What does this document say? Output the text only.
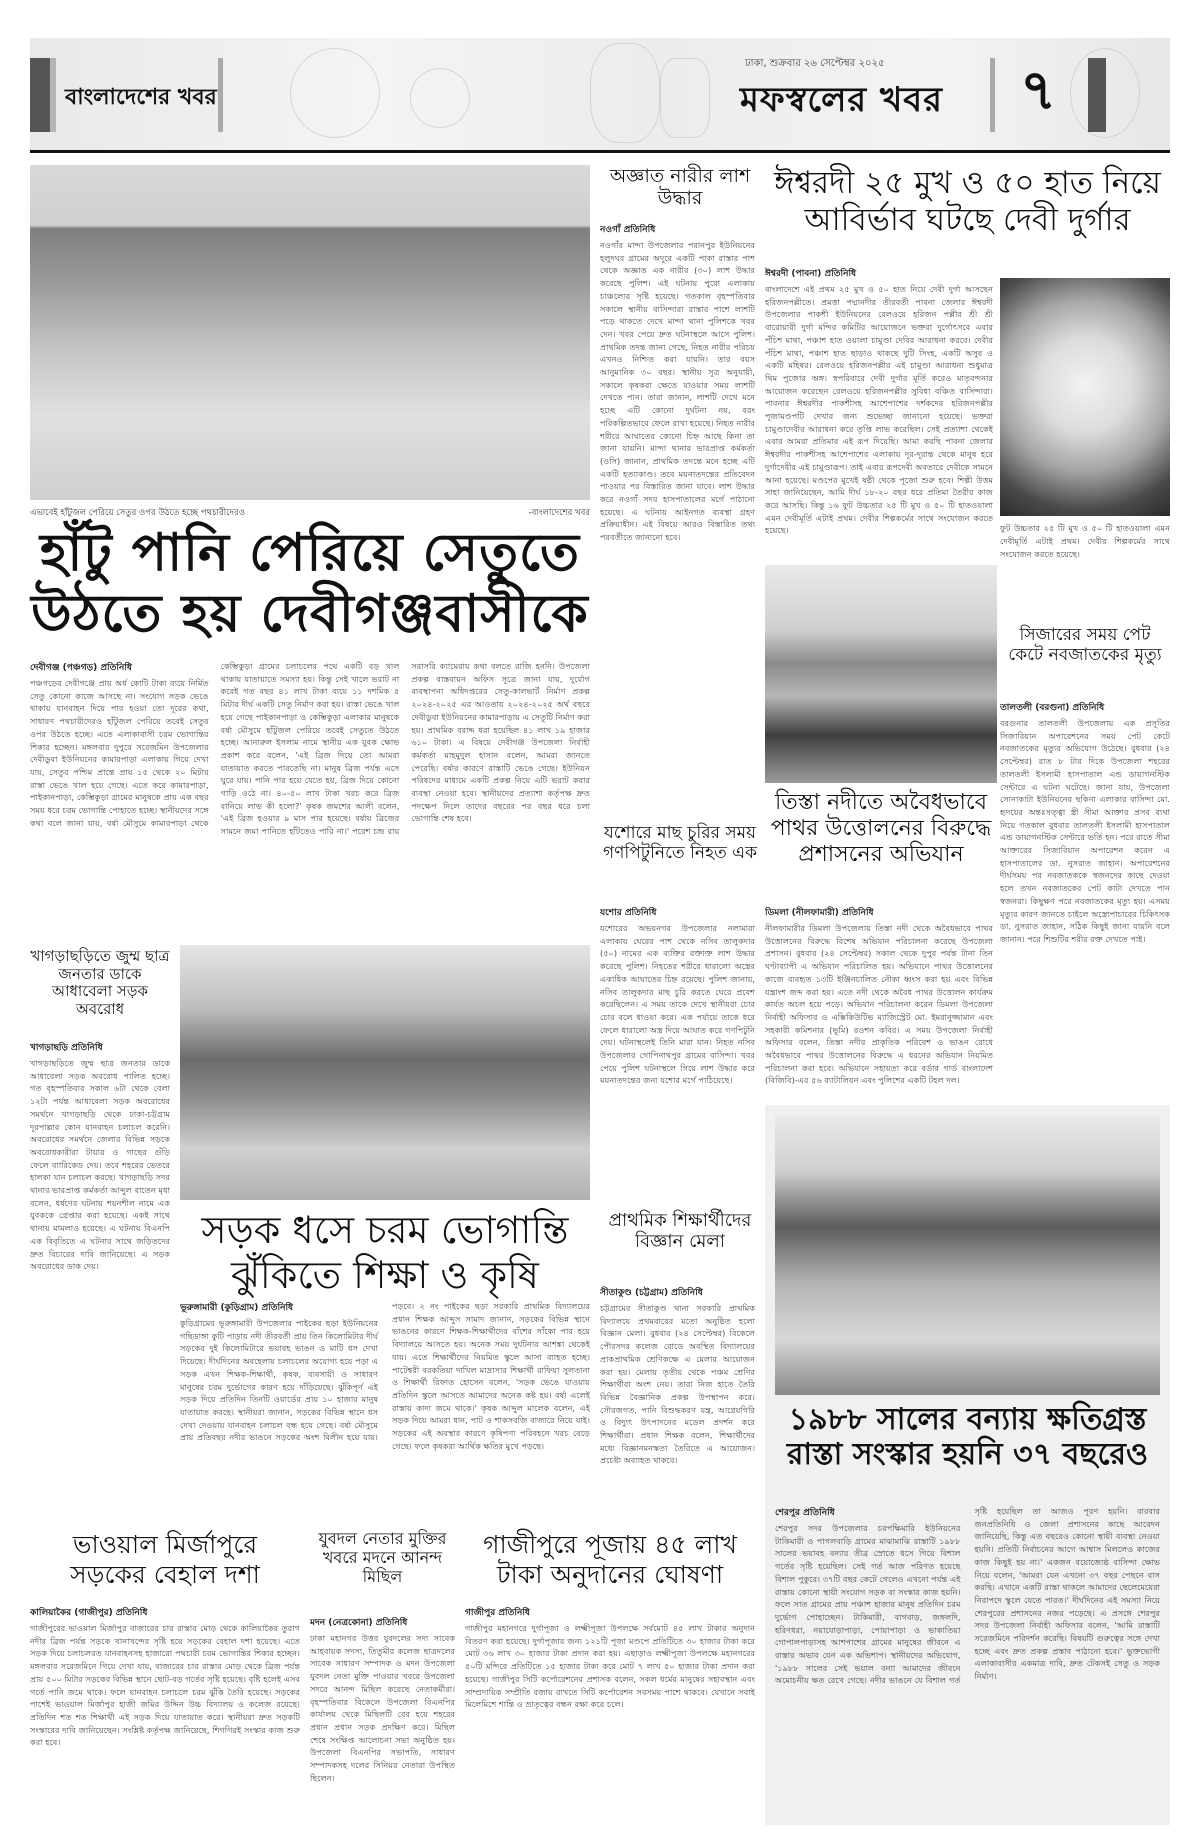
বাংলাদেশের খবর
ঢাকা, শুক্রবার ২৬ সেপ্টেম্বর ২০২৫
মফস্বলের খবর ৭
এভাবেই হাঁটুজল পেরিয়ে সেতুর ওপর উঠতে হচ্ছে পথচারীদেরও	-বাংলাদেশের খবর
হাঁটু পানি পেরিয়ে সেতুতে
উঠতে হয় দেবীগঞ্জবাসীকে
দেবীগঞ্জ (পঞ্চগড়) প্রতিনিধি

পঞ্চগড়ের দেবীগঞ্জে প্রায় অর্ধ কোটি টাকা ব্যয়ে নির্মিত সেতু কোনো কাজে আসছে না। সংযোগ সড়ক ভেঙে থাকায় যানবাহন দিয়ে পার হওয়া তো দূরের কথা, সাধারণ পথচারীদেরও হাঁটুজল পেরিয়ে তবেই সেতুর ওপর উঠতে হচ্ছে। এতে এলাকাবাসী চরম ভোগান্তির শিকার হচ্ছেন। মঙ্গলবার দুপুরে সরেজমিন উপজেলার দেবীডুবা ইউনিয়নের কামারপাড়া এলাকায় গিয়ে দেখা যায়, সেতুর পশ্চিম প্রান্তে প্রায় ১৫ থেকে ২০ মিটার রাস্তা ভেঙে খাল হয়ে গেছে। এতে করে কামারপাড়া, পাইকানপাড়া, কেম্ভিকুড়া গ্রামের মানুষকে প্রায় এক বছর সময় ধরে চরম ভোগান্তি পোহাতে হচ্ছে। স্থানীয়দের সঙ্গে কথা বলে জানা যায়, বর্ষা মৌসুমে কামারপাড়া থেকে কেম্ভিকুড়া গ্রামের চলাচলের পথে একটি বড় খাল থাকায় যাতায়াতে সমস্যা হয়। কিন্তু সেই খালে ভরাট না করেই গত বছর ৪১ লাখ টাকা ব্যয়ে ১১ দশমিক ৫ মিটার দীর্ঘ একটি সেতু নির্মাণ করা হয়। রাস্তা ভেঙে খাল হয়ে গেছে পাইকানপাড়া ও কেম্ভিকুড়া এলাকার মানুষকে বর্ষা মৌসুমে হাঁটুজল পেরিয়ে তবেই সেতুতে উঠতে হচ্ছে। আনারুল ইসলাম নামে স্থানীয় এক যুবক ক্ষোভ প্রকাশ করে বলেন, 'এই ব্রিজ দিয়ে তো আমরা যাতায়াত করতে পারতেছি না। মানুষ ব্রিজ পর্যন্ত এসে ঘুরে যায়। পানি পার হয়ে যেতে হয়, ব্রিজ দিয়ে কোনো গাড়ি ওঠে না। ৪০-৫০ লাখ টাকা খরচ করে ব্রিজ বানিয়ে লাভ কী হলো?' কৃষক জমশের আলী বলেন, 'এই ব্রিজ হওয়ার ৯ মাস পার হয়েছে। বর্ষায় ব্রিজের সামনে জমা পানিতে হাঁটতেও পারি না।' পরেশ চন্দ্র রায় সরাসরি ক্যামেরায় কথা বলতে রাজি হননি। উপজেলা প্রকল্প বাস্তবায়ন অফিস সূত্রে জানা যায়, দুর্যোগ ব্যবস্থাপনা অধিদপ্তরের সেতু-কালভার্ট নির্মাণ প্রকল্প ২০২৪-২০২৫ এর আওতায় ২০২৪-২০২৫ অর্থ বছরে দেবীডুবা ইউনিয়নের কামারপাড়ায় এ সেতুটি নির্মাণ করা হয়। প্রাথমিক বরাদ্দ ধরা হয়েছিল ৪১ লাখ ১৯ হাজার ৬১০ টাকা। এ বিষয়ে দেবীগঞ্জ উপজেলা নির্বাহী কর্মকর্তা মাহমুদুল হাসান বলেন, আমরা জানতে পেরেছি। বর্ষার কারণে রাস্তাটি ভেঙে গেছে। ইউনিয়ন পরিষদের মাধ্যমে একটি প্রকল্প নিয়ে এটি ভরাট করার ব্যবস্থা নেওয়া হবে। স্থানীয়দের প্রত্যাশা কর্তৃপক্ষ দ্রুত পদক্ষেপ নিলে তাদের বছরের পর বছর ধরে চলা ভোগান্তি শেষ হবে।

অজ্ঞাত নারীর লাশ উদ্ধার
নওগাঁ প্রতিনিধি

নওগাঁর মান্দা উপজেলার পরানপুর ইউনিয়নের হলুদঘর গ্রামের অদূরে একটি পাকা রাস্তার পাশ থেকে অজ্ঞাত এক নারীর (৩০) লাশ উদ্ধার করেছে পুলিশ। এই ঘটনায় পুরো এলাকায় চাঞ্চল্যের সৃষ্টি হয়েছে। গতকাল বৃহস্পতিবার সকালে স্থানীয় বাসিন্দারা রাস্তার পাশে লাশটি পড়ে থাকতে দেখে মান্দা থানা পুলিশকে খবর দেন। খবর পেয়ে দ্রুত ঘটনাস্থলে আসে পুলিশ। প্রাথমিক তদন্ত জানা গেছে, নিহত নারীর পরিচয় এখনও নিশ্চিত করা যায়নি। তার বয়স আনুমানিক ৩০ বছর। স্থানীয় সূত্র অনুযায়ী, সকালে কৃষকরা ক্ষেতে যাওয়ার সময় লাশটি দেখতে পান। তারা জানান, লাশটি দেখে মনে হচ্ছে এটি কোনো দুর্ঘটনা নয়, বরং পরিকল্পিতভাবে ফেলে রাখা হয়েছে। নিহত নারীর শরীরে আঘাতের কোনো চিহ্ন আছে কিনা তা জানা যায়নি। মান্দা থানার ভারপ্রাপ্ত কর্মকর্তা (ওসি) জানান, প্রাথমিক তদন্তে মনে হচ্ছে এটি একটি হত্যাকাণ্ড। তবে ময়নাতদন্তের প্রতিবেদন পাওয়ার পর বিস্তারিত জানা যাবে। লাশ উদ্ধার করে নওগাঁ সদর হাসপাতালের মর্গে পাঠানো হয়েছে। এ ঘটনায় আইনগত ব্যবস্থা গ্রহণ প্রক্রিয়াধীন। এই বিষয়ে আরও বিস্তারিত তথ্য পরবর্তীতে জানানো হবে।

ঈশ্বরদী ২৫ মুখ ও ৫০ হাত নিয়ে
আবির্ভাব ঘটছে দেবী দুর্গার
ঈশ্বরদী (পাবনা) প্রতিনিধি

বাংলাদেশে এই প্রথম ২৫ মুখ ও ৫০ হাত নিয়ে দেবী দুর্গা আসছেন হরিজনপল্লীতে। প্রমত্তা পদ্মানদীর তীরবর্তী পাবনা জেলার ঈশ্বরদী উপজেলার পাকশী ইউনিয়নের রেলওয়ে হরিজন পল্লীর শ্রী শ্রী বারোয়ারী দুর্গা মন্দির কমিটির আয়োজনে ভক্তরা দুর্গোৎসবে এবার পঁচিশ মাথা, পঞ্চাশ হাত ওয়ালা চামুণ্ডা দেবির আরাধনা করবে। দেবীর পঁচিশ মাথা, পঞ্চাশ হাত ছাড়াও থাকছে দুটি সিংহ, একটি অসুর ও একটি মহিষর। রেলওয়ে হরিজনপল্লীর এই চামুণ্ডা আরাধনা শুধুমাত্র থিম পুজোর অঙ্গ। স্বপরিবারে দেবী দুর্গার মূর্তি করেও মাতৃবন্দনার আয়োজন করেছেন রেলওয়ে হরিজনপল্লীর সুবিধা বঞ্চিত বাসিন্দারা। পাবনার ঈশ্বরদীর পাকশীসহ আশেপাশের দর্শকদের হরিজনপল্লীর পূজামণ্ডপটি দেখার জন্য শুভেচ্ছা জানানো হয়েছে। ভক্তরা চামুণ্ডাদেবীর আরাধনা করে তৃপ্তি লাভ করেছিল। সেই প্রত্যাশা থেকেই এবার আমরা প্রতিমার এই রূপ দিয়েছি। আমা করছি পাবনা জেলার ঈশ্বরদীর পাকশীসহ আশেপাশের এলাকায় দূর-দূরান্ত থেকে মানুষ হরে দুর্গাদেবীর এই চামুণ্ডারূপ। তাই এবার রূপদেবী অবতারে দেবীকে সামনে আনা হয়েছে। মণ্ডপের মুখেই ষষ্ঠী থেকে পূজো শুরু হবে। শিল্পী উত্তম সাহা জানিয়েছেন, আমি দীর্ঘ ১৮-২০ বছর ধরে প্রতিমা তৈরীর কাজ করে আসছি। কিন্তু ১৬ ফুট উচ্চতার ২৫ টি মুখ ও ৫০ টি হাতওয়ালা এমন দেবীমূর্তি এটাই প্রথম। দেবীর শিল্পকর্মের সাথে সংযোজন করতে হয়েছে।	ফুট উচ্চতার ২৫ টি মুখ ও ৫০ টি হাতওয়ালা এমন দেবীমূর্তি এটাই প্রথম। দেবীর শিল্পকর্মের সাথে সংযোজন করতে হয়েছে।

তিস্তা নদীতে অবৈধভাবে
পাথর উত্তোলনের বিরুদ্ধে
প্রশাসনের অভিযান
ডিমলা (নীলফামারী) প্রতিনিধি

নীলফামারীর ডিমলা উপজেলায় তিস্তা নদী থেকে অবৈধভাবে পাথর উত্তোলনের বিরুদ্ধে বিশেষ অভিযান পরিচালনা করেছে উপজেলা প্রশাসন। বুধবার (২৪ সেপ্টেম্বর) সকাল থেকে দুপুর পর্যন্ত টানা তিন ঘণ্টাব্যাপী এ অভিযান পরিচালিত হয়। অভিযানে পাথর উত্তোলনের কাজে ব্যবহৃত ১৩টি ইঞ্জিনচালিত নৌকা ধ্বংস করা হয় এবং বিভিন্ন যন্ত্রাংশ জব্দ করা হয়। এতে নদী থেকে অবৈধ পাথর উত্তোলন কার্যক্রম কার্যত অচল হয়ে পড়ে। অভিযান পরিচালনা করেন ডিমলা উপজেলা নির্বাহী অফিসার ও এক্সিকিউটিভ ম্যাজিস্ট্রেট মো. ইমরানুজ্জামান এবং সহকারী কমিশনার (ভূমি) রওশন কবির। এ সময় উপজেলা নির্বাহী অফিসার বলেন, তিস্তা নদীর প্রাকৃতিক পরিবেশ ও ভাঙন রোধে অবৈধভাবে পাথর উত্তোলনের বিরুদ্ধে এ ধরনের অভিযান নিয়মিত পরিচালনা করা হবে। অভিযানে সহায়তা করে বর্ডার গার্ড বাংলাদেশ (বিজিবি)-এর ৫৬ ব্যাটালিয়ন এবং পুলিশের একটি টহল দল।

সিজারের সময় পেট কেটে নবজাতকের মৃত্যু
তালতলী (বরগুনা) প্রতিনিধি

বরগুনার তালতলী উপজেলায় এক প্রসূতির সিজারিয়ান অপারেশনের সময় পেট কেটে নবজাতকের মৃত্যুর অভিযোগ উঠেছে। বুধবার (২৪ সেপ্টেম্বর) রাত ৮ টার দিকে উপজেলা শহরের তালতলী ইসলামী হাসপাতাল এন্ড ডায়াগনস্টিক সেন্টারে এ ঘটনা ঘটেছে। জানা যায়, উপজেলা সোনাকাটা ইউনিয়নের ছকিনা এলাকার বাসিন্দা মো. হৃদয়ের অন্তঃসত্ত্বা স্ত্রী সীমা আক্তার প্রসব ব্যথা নিয়ে গতকাল বুধবার তালতলী ইসলামী হাসপাতাল এন্ড ডায়াগনস্টিক সেন্টারে ভর্তি হন। পরে রাতে সীমা আক্তারের সিজারিয়ান অপারেশন করেন এ হাসপাতালের ডা. নুসরাত জাহান। অপারেশনের দীর্ঘসময় পর নবজাতককে স্বজনদের কাছে দেওয়া হলে তখন নবজাতকের পেট কাটা দেখতে পান স্বজনরা। কিছুক্ষণ পরে নবজাতকের মৃত্যু হয়। এসময় মৃত্যুর কারণ জানতে চাইলে অস্ত্রোপাচারের চিকিৎসক ডা. নুসরাত জাহান, সঠিক কিছুই জানা যায়নি বলে জানান। পরে শিশুটির শরীর রক্ত দেখতে পাই।

যশোরে মাছ চুরির সময় গণপিটুনিতে নিহত এক
যশোর প্রতিনিধি

যশোরের অভয়নগর উপজেলার নলামারা এলাকায় ঘেরের পাশ থেকে নসিব তালুকদার (৫০) নামের এক ব্যক্তির রক্তাক্ত লাশ উদ্ধার করেছে পুলিশ। নিহতের শরীরে ধারালো অস্ত্রের একাধিক আঘাতের চিহ্ন রয়েছে। পুলিশ জানায়, নসিব তালুকদার মাছ চুরি করতে ঘেরে প্রবেশ করেছিলেন। এ সময় তাকে দেখে স্থানীয়রা চোর চোর বলে ধাওয়া করে। এক পর্যায়ে তাকে ধরে ফেলে ধারালো অস্ত্র দিয়ে আঘাত করে গণপিটুনি দেয়। ঘটনাস্থলেই তিনি মারা যান। নিহত নসিব উপজেলার গোপিনাথপুর গ্রামের বাসিন্দা। খবর পেয়ে পুলিশ ঘটনাস্থলে গিয়ে লাশ উদ্ধার করে ময়নাতদন্তের জন্য যশোর মর্গে পাঠিয়েছে।

খাগড়াছড়িতে জুম্ম ছাত্র জনতার ডাকে আধাবেলা সড়ক অবরোধ
খাগড়াছড়ি প্রতিনিধি

খাগড়াছড়িতে জুম্ম ছাত্র জনতার ডাকে আধাবেলা সড়ক অবরোধ পালিত হচ্ছে। গত বৃহস্পতিবার সকাল ৬টা থেকে বেলা ১২টা পর্যন্ত আধাবেলা সড়ক অবরোধের সমর্থনে খাগড়াছড়ি থেকে ঢাকা-চট্টগ্রাম দূরপাল্লার কোন যানবাহন চলাচল করেনি। অবরোধের সমর্থনে জেলার বিভিন্ন সড়কে অবরোধকারীরা টায়ার ও গাছের গুঁড়ি ফেলে ব্যারিকেড দেয়। তবে শহরের ভেতরে হালকা যান চলাচল করছে। খাগড়াছড়ি সদর থানার ভারপ্রাপ্ত কর্মকর্তা আব্দুল বাতেন মৃধা বলেন, ধর্ষণের ঘটনায় শয়নশীল নামে এক যুবককে গ্রেপ্তার করা হয়েছে। একই সাথে থানায় মামলাও হয়েছে। এ ঘটনায় বিএনপি এক বিবৃতিতে এ ঘটনার সাথে জড়িতদের দ্রুত বিচারের দাবি জানিয়েছে। এ সড়ক অবরোধের ডাক দেয়।

সড়ক ধসে চরম ভোগান্তি
ঝুঁকিতে শিক্ষা ও কৃষি
ভূরুঙ্গামারী (কুড়িগ্রাম) প্রতিনিধি

কুড়িগ্রামের ভূরুঙ্গামারী উপজেলার পাইকের ছড়া ইউনিয়নের গছিডাঙ্গা কুটি পাড়ায় নদী তীরবর্তী প্রায় তিন কিলোমিটার দীর্ঘ সড়কের দুই কিলোমিটারে ভয়াবহ ভাঙন ও মাটি ধস দেখা দিয়েছে। দীর্ঘদিনের অবহেলায় চলাচলের অযোগ্য হয়ে পড়া এ সড়ক এখন শিক্ষক-শিক্ষার্থী, কৃষক, ব্যবসায়ী ও সাধারণ মানুষের চরম দুর্ভোগের কারণ হয়ে দাঁড়িয়েছে। ঝুঁকিপূর্ণ এই সড়ক দিয়ে প্রতিদিন তিনটি ওয়ার্ডের প্রায় ১০ হাজার মানুষ যাতায়াত করছে। স্থানীয়রা জানান, সড়কের বিভিন্ন স্থানে ধস দেখা দেওয়ায় যানবাহন চলাচল বন্ধ হয়ে গেছে। বর্ষা মৌসুমে প্রায় প্রতিবছর নদীর ভাঙনে সড়কের অংশ বিলীন হয়ে যায়। পড়বে। ২ নং পাইকের ছড়া সরকারি প্রাথমিক বিদ্যালয়ের প্রধান শিক্ষক আব্দুস সামাদ জানান, সড়কের বিভিন্ন স্থানে ভাঙনের কারণে শিক্ষক-শিক্ষার্থীদের বাঁশের সাঁকো পার হয়ে বিদ্যালয়ে আসতে হয়। অনেক সময় দুর্ঘটনার আশঙ্কা থেকেই যায়। এতে শিক্ষার্থীদের নিয়মিত স্কুলে আসা ব্যাহত হচ্ছে। পাটেশ্বরী বরকতিয়া দাখিল মাদ্রাসার শিক্ষার্থী রাফিয়া সুলতানা ও শিক্ষার্থী রিফাত হোসেন বলেন, 'সড়ক ভেঙে যাওয়ায় প্রতিদিন স্কুলে আসতে আমাদের অনেক কষ্ট হয়। বর্ষা এলেই রাস্তায় কাদা জমে থাকে।' কৃষক আব্দুল মালেক বলেন, এই সড়ক দিয়ে আমরা ধান, পাট ও শাকসবজি বাজারে নিয়ে যাই। সড়কের এই অবস্থার কারণে কৃষিপণ্য পরিবহনে খরচ বেড়ে গেছে। ফলে কৃষকরা আর্থিক ক্ষতির মুখে পড়ছে।

প্রাথমিক শিক্ষার্থীদের বিজ্ঞান মেলা
সীতাকুণ্ড (চট্টগ্রাম) প্রতিনিধি

চট্টগ্রামের সীতাকুণ্ড থানা সরকারি প্রাথমিক বিদ্যালয়ে প্রথমবারের মতো অনুষ্ঠিত হলো বিজ্ঞান মেলা। বুধবার (২৪ সেপ্টেম্বর) বিকেলে পৌরসদর কলেজ রোডে অবস্থিত বিদ্যালয়ের প্রাকপ্রাথমিক শ্রেণিকক্ষে এ মেলার আয়োজন করা হয়। মেলায় তৃতীয় থেকে পঞ্চম শ্রেণির শিক্ষার্থীরা অংশ নেয়। তারা নিজ হাতে তৈরি বিভিন্ন বৈজ্ঞানিক প্রকল্প উপস্থাপন করে। সৌরজগত, পানি বিশুদ্ধকরণ যন্ত্র, আগ্নেয়গিরি ও বিদ্যুৎ উৎপাদনের মডেল প্রদর্শন করে শিক্ষার্থীরা। প্রধান শিক্ষক বলেন, শিক্ষার্থীদের মধ্যে বিজ্ঞানমনস্কতা তৈরিতে এ আয়োজন। প্রচেষ্টা অব্যাহত থাকবে।

১৯৮৮ সালের বন্যায় ক্ষতিগ্রস্ত
রাস্তা সংস্কার হয়নি ৩৭ বছরেও
শেরপুর প্রতিনিধি

শেরপুর সদর উপজেলার চরপক্ষিমারি ইউনিয়নের টাকিমারী ও পাগলবাড়ি গ্রামের মাঝামাঝি রাস্তাটি ১৯৮৮ সালের ভয়াবহ বন্যার তীব্র স্রোতে ধসে গিয়ে বিশাল গর্তের সৃষ্টি হয়েছিল। সেই গর্ত আজ পরিণত হয়েছে বিশাল পুকুরে। ৩৭টি বছর কেটে গেলেও এখনো পর্যন্ত এই রাস্তায় কোনো স্থায়ী সংযোগ সড়ক বা সংস্কার কাজ হয়নি। ফলে সাত গ্রামের প্রায় পঞ্চাশ হাজার মানুষ প্রতিদিন চরম দুর্ভোগ পোহাচ্ছেন। টাকিমারী, বাগবাড়, জঙ্গলদি, হরিণধরা, নয়াযোড়াপাড়া, পোয়াপাড়া ও ভাকাতিয়া গোপালপাড়াসহ আশপাশের গ্রামের মানুষের জীবনে এ রাস্তার অভাব যেন এক অভিশাপ। স্থানীয়দের অভিযোগ, '১৯৮৮ সালের সেই ভয়াল বন্যা আমাদের জীবনে অমোচনীয় ক্ষত রেখে গেছে। নদীর ভাঙনে যে বিশাল গর্ত সৃষ্টি হয়েছিল তা আজও পূরণ হয়নি। বারবার জনপ্রতিনিধি ও জেলা প্রশাসনের কাছে আবেদন জানিয়েছি, কিন্তু এত বছরেও কোনো স্থায়ী ব্যবস্থা নেওয়া হয়নি। প্রতিটি নির্বাচনের আগে আশ্বাস মিললেও কাজের কাজ কিছুই হয় না।' একজন বয়োজ্যেষ্ঠ বাসিন্দা ক্ষোভ নিয়ে বলেন, 'আমরা যেন এখনো ৩৭ বছর পেছনে বাস করছি। এখানে একটি রাস্তা থাকলে আমাদের ছেলেমেয়েরা নিরাপদে স্কুলে যেতে পারত।' দীর্ঘদিনের এই সমস্যা নিয়ে শেরপুরের প্রশাসনের নজর পড়েছে। এ প্রসঙ্গে শেরপুর সদর উপজেলা নির্বাহী অফিসার বলেন, 'আমি রাস্তাটি সরেজমিনে পরিদর্শন করেছি। বিষয়টি গুরুত্বের সঙ্গে দেখা হচ্ছে এবং দ্রুত প্রকল্প প্রস্তাব পাঠানো হবে।' ভুক্তভোগী এলাকাবাসীর একমাত্র দাবি, দ্রুত টেকসই সেতু ও সড়ক নির্মাণ।

ভাওয়াল মির্জাপুরে
সড়কের বেহাল দশা
কালিয়াকৈর (গাজীপুর) প্রতিনিধি

গাজীপুরের ভাওয়াল মির্জাপুর বাজারের চার রাস্তার মোড় থেকে কালিয়াকৈর তুরাগ নদীর ব্রিজ পর্যন্ত সড়কে খানাখন্দের সৃষ্টি হয়ে সড়কের বেহাল দশা হয়েছে। এতে সড়ক দিয়ে চলাচলরত যানবাহনসহ হাজারো পথচারী চরম ভোগান্তির শিকার হচ্ছেন। মঙ্গলবার সরেজমিনে গিয়ে দেখা যায়, বাজারের চার রাস্তার মোড় থেকে ব্রিজ পর্যন্ত প্রায় ৫০০ মিটার সড়কের বিভিন্ন স্থানে ছোট-বড় গর্তের সৃষ্টি হয়েছে। বৃষ্টি হলেই এসব গর্তে পানি জমে থাকে। ফলে যানবাহন চলাচলে চরম ঝুঁকি তৈরি হয়েছে। সড়কের পাশেই ভাওয়াল মির্জাপুর হাজী জমির উদ্দিন উচ্চ বিদ্যালয় ও কলেজ রয়েছে। প্রতিদিন শত শত শিক্ষার্থী এই সড়ক দিয়ে যাতায়াত করে। স্থানীয়রা দ্রুত সড়কটি সংস্কারের দাবি জানিয়েছেন। সংশ্লিষ্ট কর্তৃপক্ষ জানিয়েছে, শিগগিরই সংস্কার কাজ শুরু করা হবে।

যুবদল নেতার মুক্তির খবরে মদনে আনন্দ মিছিল
মদন (নেত্রকোনা) প্রতিনিধি

ঢাকা মহানগর উত্তর যুবদলের সদ্য সাবেক আহবায়ক সদস্য, তিতুমীর কলেজ ছাত্রদলের সাবেক সাধারণ সম্পাদক ও মদন উপজেলা যুবদল নেতা মুক্তি পাওয়ার খবরে উপজেলা সদরে আনন্দ মিছিল করেছে নেতাকর্মীরা। বৃহস্পতিবার বিকেলে উপজেলা বিএনপির কার্যালয় থেকে মিছিলটি বের হয়ে শহরের প্রধান প্রধান সড়ক প্রদক্ষিণ করে। মিছিল শেষে সংক্ষিপ্ত আলোচনা সভা অনুষ্ঠিত হয়। উপজেলা বিএনপির সভাপতি, সাধারণ সম্পাদকসহ দলের সিনিয়র নেতারা উপস্থিত ছিলেন।

গাজীপুরে পূজায় ৪৫ লাখ
টাকা অনুদানের ঘোষণা
গাজীপুর প্রতিনিধি

গাজীপুর মহানগরে দুর্গাপূজা ও লক্ষ্মীপূজা উপলক্ষে সর্বমোট ৪৫ লাখ টাকার অনুদান বিতরণ করা হয়েছে। দুর্গাপূজার জন্য ১২১টি পূজা মণ্ডপে প্রতিটিতে ৩০ হাজার টাকা করে মোট ৩৬ লাখ ৩০ হাজার টাকা প্রদান করা হয়। এছাড়াও লক্ষ্মীপূজা উপলক্ষে মহানগরের ৫০টি মন্দিরে প্রতিটিতে ১৫ হাজার টাকা করে মোট ৭ লাখ ৫০ হাজার টাকা প্রদান করা হয়েছে। গাজীপুর সিটি কর্পোরেশনের প্রশাসক বলেন, সকল ধর্মের মানুষের সহাবস্থান এবং সাম্প্রদায়িক সম্প্রীতি বজায় রাখতে সিটি কর্পোরেশন সবসময় পাশে থাকবে। যেখানে সবাই মিলেমিশে শান্তি ও ভ্রাতৃত্বের বন্ধন রক্ষা করে চলে।
